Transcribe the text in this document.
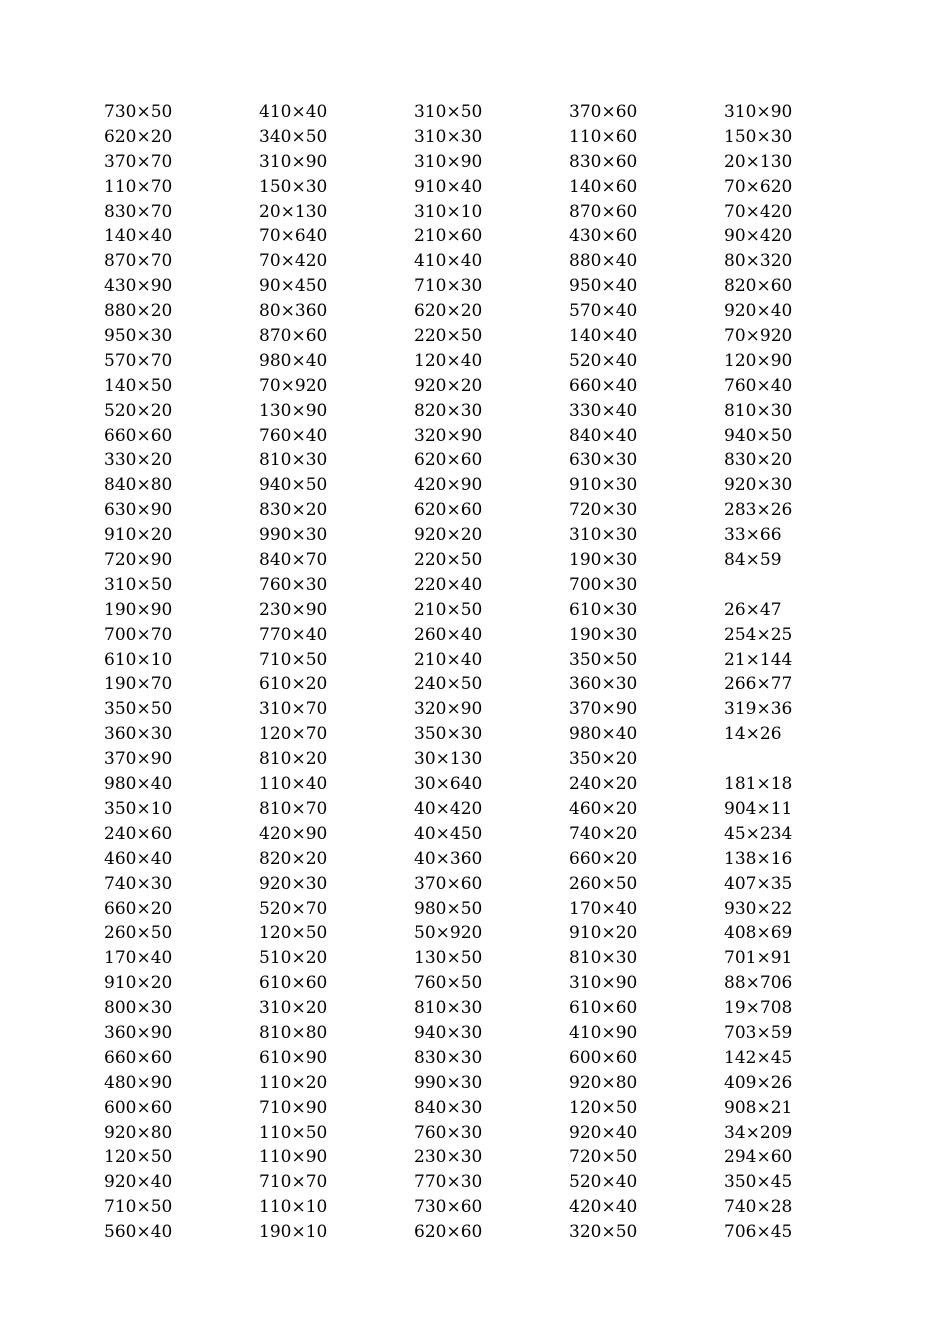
730×50	410×40	310×50	370×60	310×90
620×20	340×50	310×30	110×60	150×30
370×70	310×90	310×90	830×60	20×130
110×70	150×30	910×40	140×60	70×620
830×70	20×130	310×10	870×60	70×420
140×40	70×640	210×60	430×60	90×420
870×70	70×420	410×40	880×40	80×320
430×90	90×450	710×30	950×40	820×60
880×20	80×360	620×20	570×40	920×40
950×30	870×60	220×50	140×40	70×920
570×70	980×40	120×40	520×40	120×90
140×50	70×920	920×20	660×40	760×40
520×20	130×90	820×30	330×40	810×30
660×60	760×40	320×90	840×40	940×50
330×20	810×30	620×60	630×30	830×20
840×80	940×50	420×90	910×30	920×30
630×90	830×20	620×60	720×30	283×26
910×20	990×30	920×20	310×30	33×66
720×90	840×70	220×50	190×30	84×59
310×50	760×30	220×40	700×30
190×90	230×90	210×50	610×30	26×47
700×70	770×40	260×40	190×30	254×25
610×10	710×50	210×40	350×50	21×144
190×70	610×20	240×50	360×30	266×77
350×50	310×70	320×90	370×90	319×36
360×30	120×70	350×30	980×40	14×26
370×90	810×20	30×130	350×20
980×40	110×40	30×640	240×20	181×18
350×10	810×70	40×420	460×20	904×11
240×60	420×90	40×450	740×20	45×234
460×40	820×20	40×360	660×20	138×16
740×30	920×30	370×60	260×50	407×35
660×20	520×70	980×50	170×40	930×22
260×50	120×50	50×920	910×20	408×69
170×40	510×20	130×50	810×30	701×91
910×20	610×60	760×50	310×90	88×706
800×30	310×20	810×30	610×60	19×708
360×90	810×80	940×30	410×90	703×59
660×60	610×90	830×30	600×60	142×45
480×90	110×20	990×30	920×80	409×26
600×60	710×90	840×30	120×50	908×21
920×80	110×50	760×30	920×40	34×209
120×50	110×90	230×30	720×50	294×60
920×40	710×70	770×30	520×40	350×45
710×50	110×10	730×60	420×40	740×28
560×40	190×10	620×60	320×50	706×45
